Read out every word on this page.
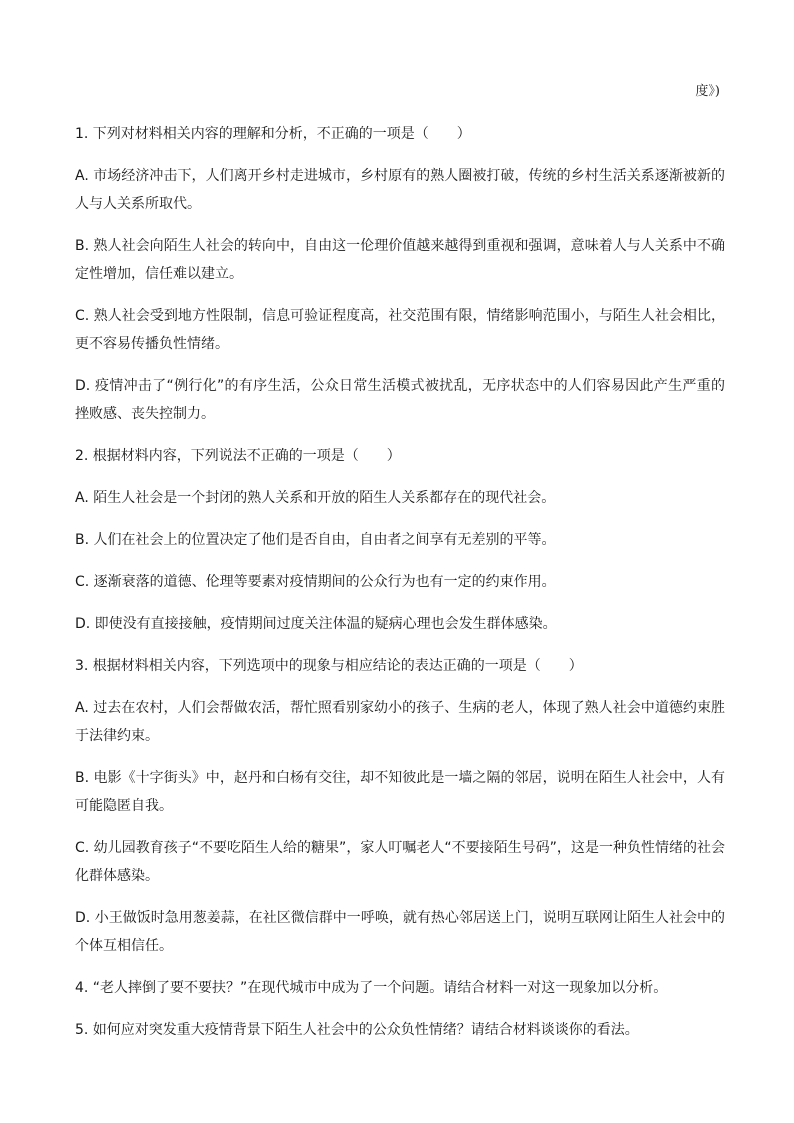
度》)

1. 下列对材料相关内容的理解和分析，不正确的一项是（　　）

A. 市场经济冲击下，人们离开乡村走进城市，乡村原有的熟人圈被打破，传统的乡村生活关系逐渐被新的人与人关系所取代。

B. 熟人社会向陌生人社会的转向中，自由这一伦理价值越来越得到重视和强调，意味着人与人关系中不确定性增加，信任难以建立。

C. 熟人社会受到地方性限制，信息可验证程度高，社交范围有限，情绪影响范围小，与陌生人社会相比，更不容易传播负性情绪。

D. 疫情冲击了“例行化”的有序生活，公众日常生活模式被扰乱，无序状态中的人们容易因此产生严重的挫败感、丧失控制力。

2. 根据材料内容，下列说法不正确的一项是（　　）

A. 陌生人社会是一个封闭的熟人关系和开放的陌生人关系都存在的现代社会。

B. 人们在社会上的位置决定了他们是否自由，自由者之间享有无差别的平等。

C. 逐渐衰落的道德、伦理等要素对疫情期间的公众行为也有一定的约束作用。

D. 即使没有直接接触，疫情期间过度关注体温的疑病心理也会发生群体感染。

3. 根据材料相关内容，下列选项中的现象与相应结论的表达正确的一项是（　　）

A. 过去在农村，人们会帮做农活，帮忙照看别家幼小的孩子、生病的老人，体现了熟人社会中道德约束胜于法律约束。

B. 电影《十字街头》中，赵丹和白杨有交往，却不知彼此是一墙之隔的邻居，说明在陌生人社会中，人有可能隐匿自我。

C. 幼儿园教育孩子“不要吃陌生人给的糖果”，家人叮嘱老人“不要接陌生号码”，这是一种负性情绪的社会化群体感染。

D. 小王做饭时急用葱姜蒜，在社区微信群中一呼唤，就有热心邻居送上门，说明互联网让陌生人社会中的个体互相信任。

4. “老人摔倒了要不要扶？”在现代城市中成为了一个问题。请结合材料一对这一现象加以分析。

5. 如何应对突发重大疫情背景下陌生人社会中的公众负性情绪？请结合材料谈谈你的看法。
